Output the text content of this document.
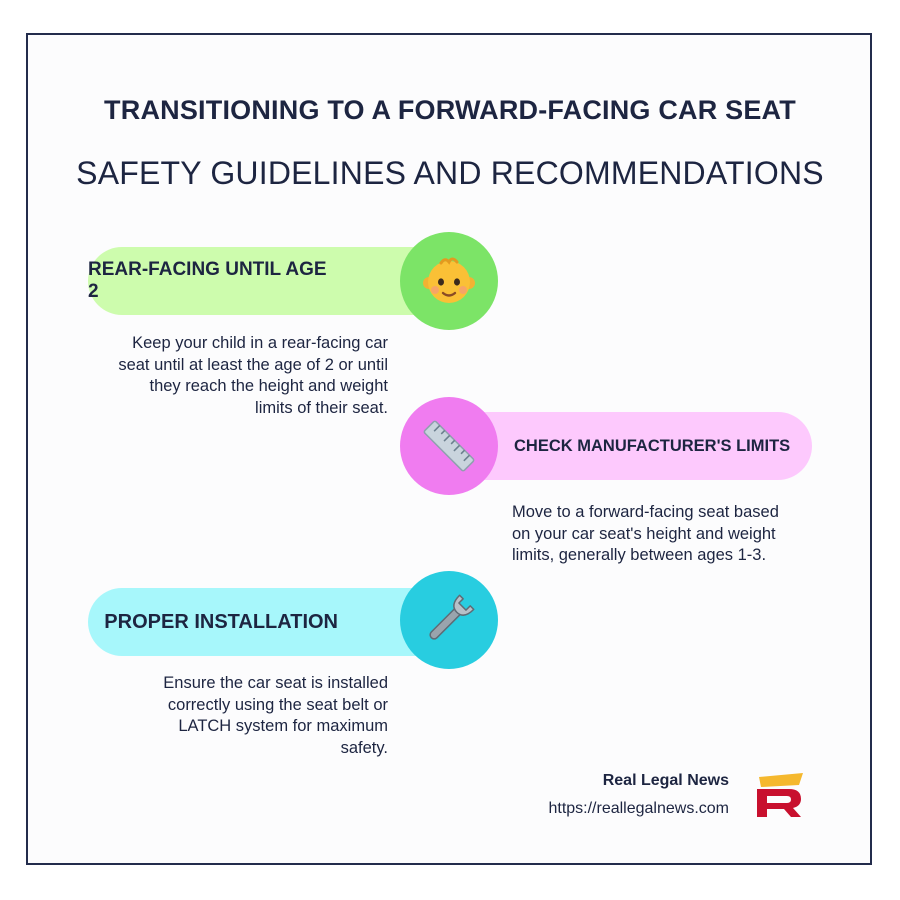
TRANSITIONING TO A FORWARD-FACING CAR SEAT
SAFETY GUIDELINES AND RECOMMENDATIONS
REAR-FACING UNTIL AGE 2
Keep your child in a rear-facing car seat until at least the age of 2 or until they reach the height and weight limits of their seat.
CHECK MANUFACTURER'S LIMITS
Move to a forward-facing seat based on your car seat's height and weight limits, generally between ages 1-3.
PROPER INSTALLATION
Ensure the car seat is installed correctly using the seat belt or LATCH system for maximum safety.
Real Legal News
https://reallegalnews.com
